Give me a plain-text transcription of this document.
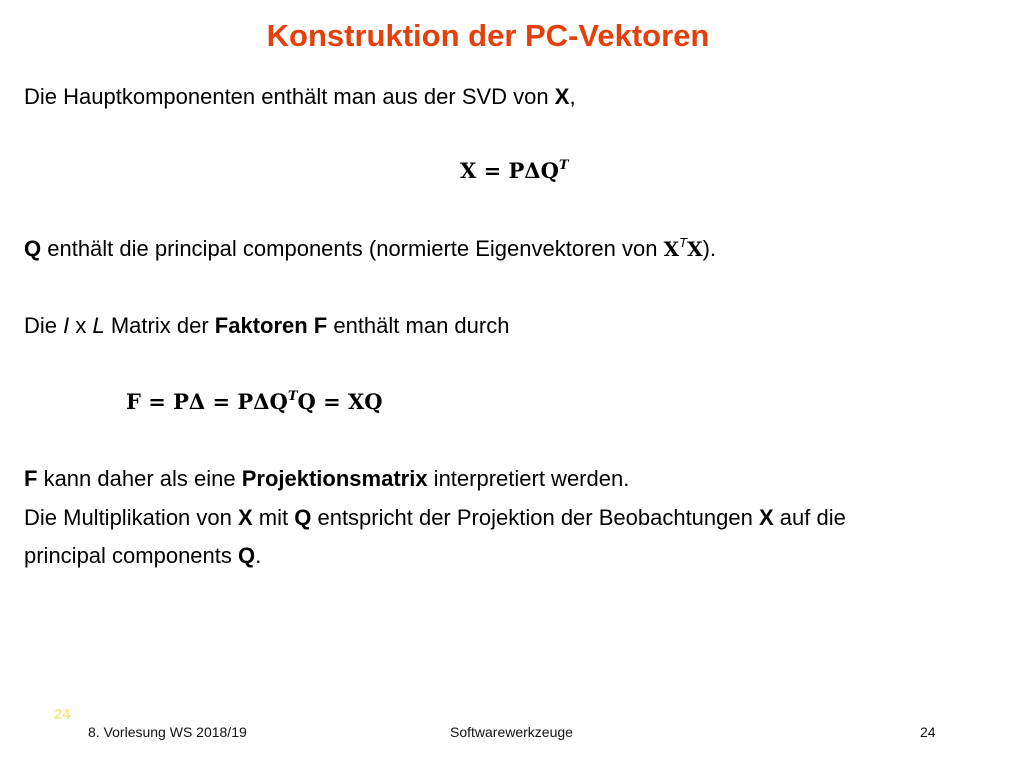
Konstruktion der PC-Vektoren
Die Hauptkomponenten enthält man aus der SVD von X,
$X = P\Delta Q^T$
Q enthält die principal components (normierte Eigenvektoren von $X^TX$).
Die I x L Matrix der Faktoren F enthält man durch
$F = P\Delta = P\Delta Q^TQ$ = XQ
F kann daher als eine Projektionsmatrix interpretiert werden.
Die Multiplikation von X mit Q entspricht der Projektion der Beobachtungen X auf die
principal components Q.
24
8. Vorlesung WS 2018/19	Softwarewerkzeuge	24
